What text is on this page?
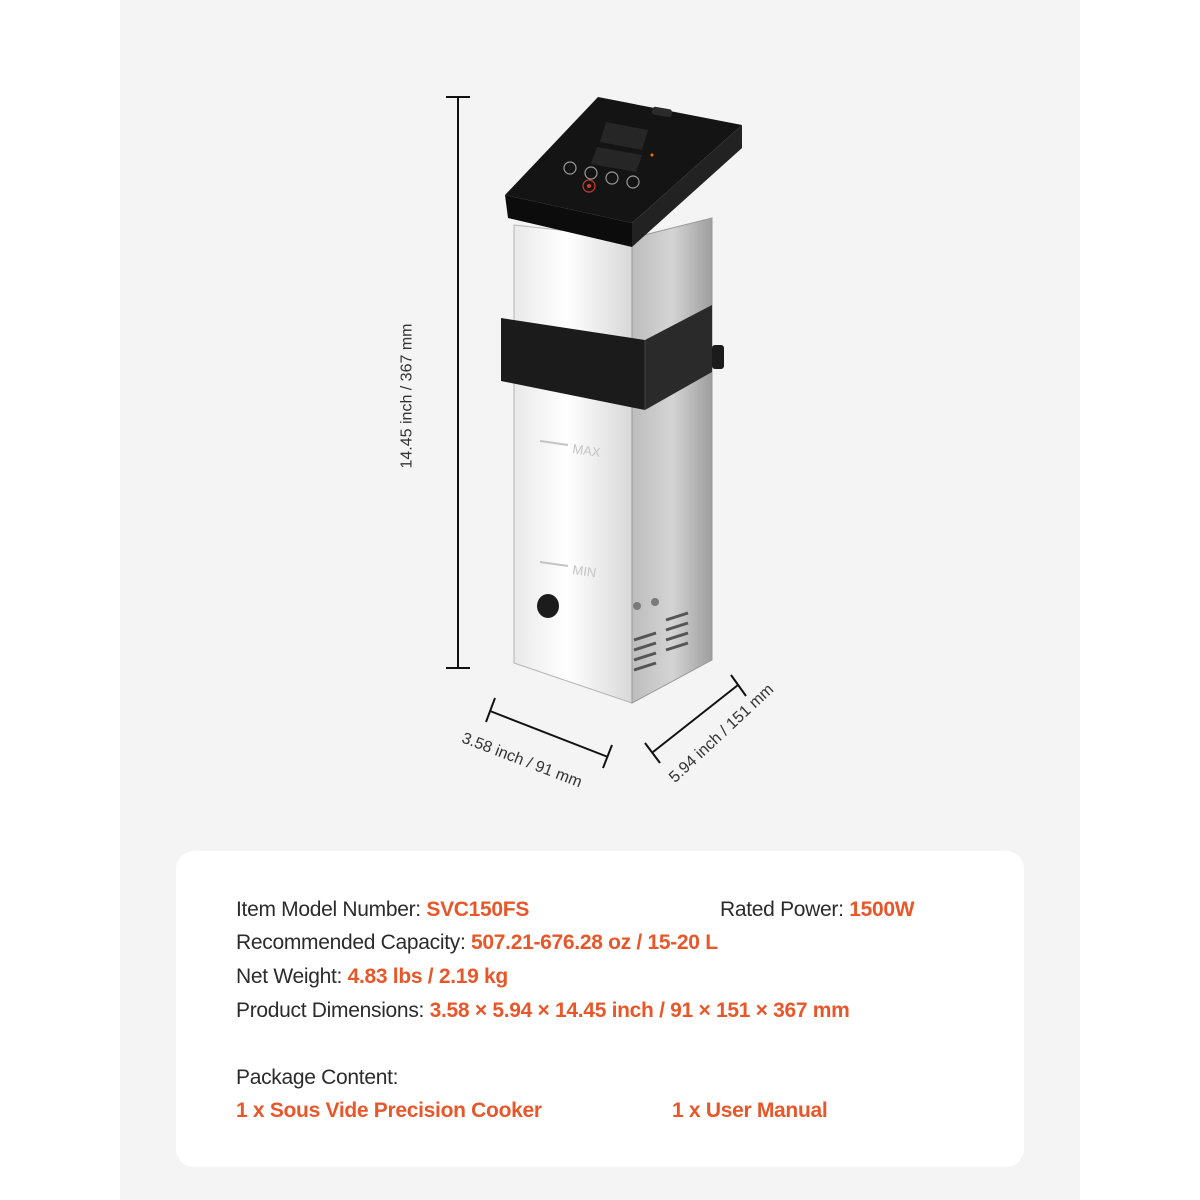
MAX
MIN
14.45 inch / 367 mm
3.58 inch / 91 mm	5.94 inch / 151 mm
Item Model Number: SVC150FS	Rated Power: 1500W
Recommended Capacity: 507.21-676.28 oz / 15-20 L
Net Weight: 4.83 lbs / 2.19 kg
Product Dimensions: 3.58 × 5.94 × 14.45 inch / 91 × 151 × 367 mm
Package Content:
1 x Sous Vide Precision Cooker	1 x User Manual
